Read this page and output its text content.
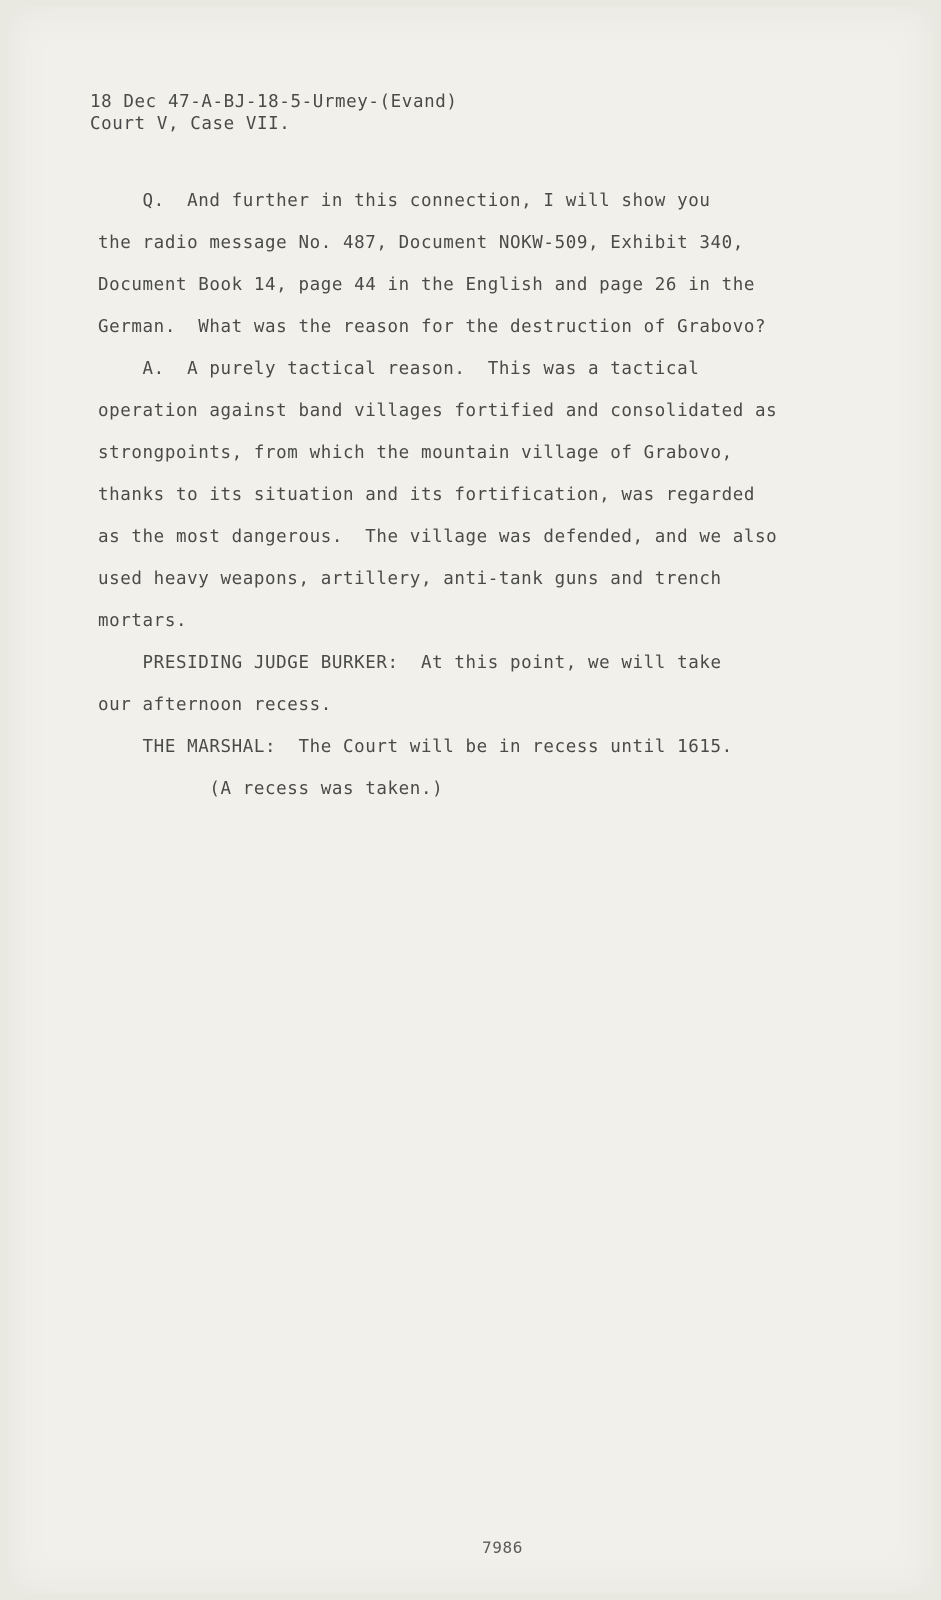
18 Dec 47-A-BJ-18-5-Urmey-(Evand)

Court V, Case VII.

Q.  And further in this connection, I will show you

the radio message No. 487, Document NOKW-509, Exhibit 340,

Document Book 14, page 44 in the English and page 26 in the

German.  What was the reason for the destruction of Grabovo?

A.  A purely tactical reason.  This was a tactical

operation against band villages fortified and consolidated as

strongpoints, from which the mountain village of Grabovo,

thanks to its situation and its fortification, was regarded

as the most dangerous.  The village was defended, and we also

used heavy weapons, artillery, anti-tank guns and trench

mortars.

PRESIDING JUDGE BURKER:  At this point, we will take

our afternoon recess.

THE MARSHAL:  The Court will be in recess until 1615.

(A recess was taken.)

7986
